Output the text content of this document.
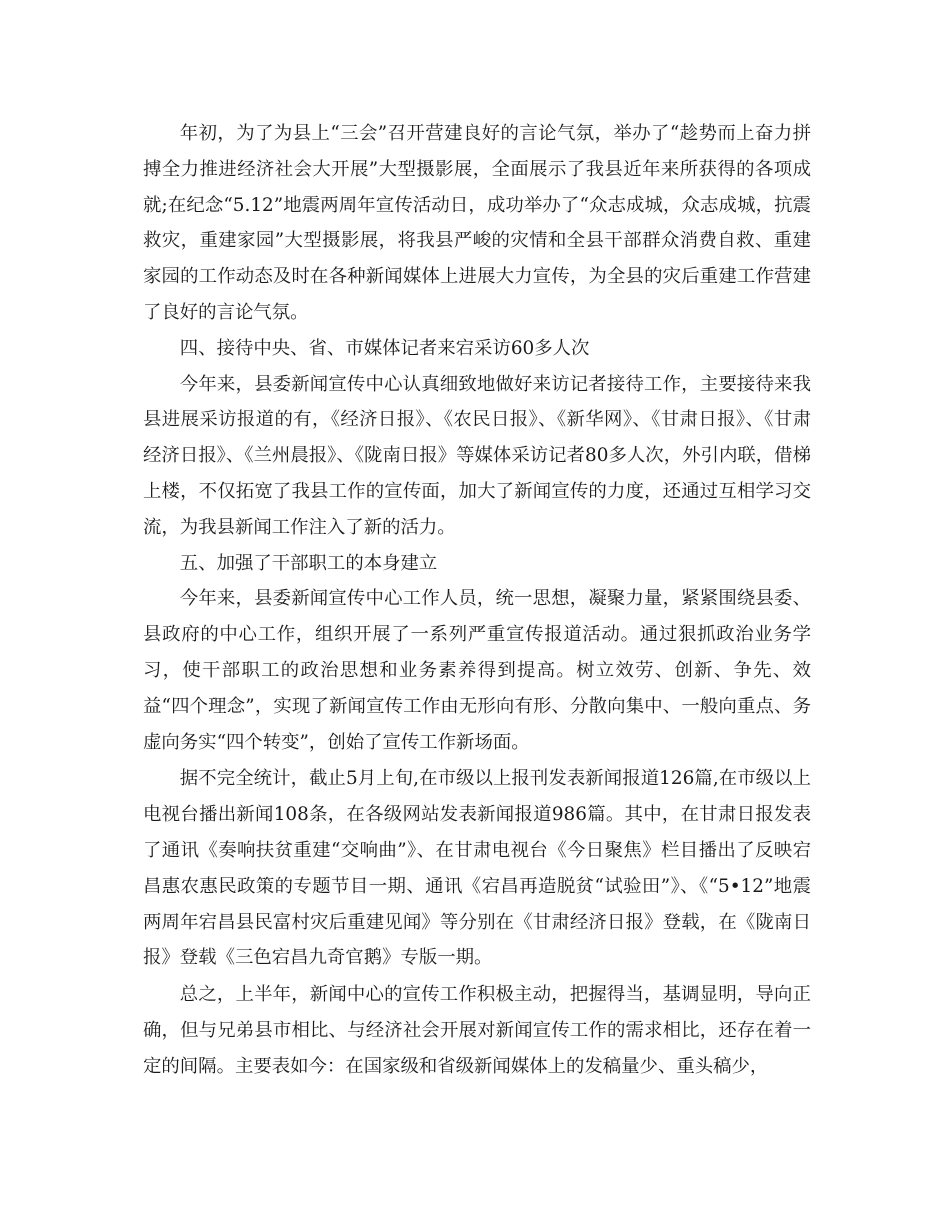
年初，为了为县上“三会”召开营建良好的言论气氛，举办了“趁势而上奋力拼搏全力推进经济社会大开展”大型摄影展，全面展示了我县近年来所获得的各项成就;在纪念“5.12”地震两周年宣传活动日，成功举办了“众志成城，众志成城，抗震救灾，重建家园”大型摄影展，将我县严峻的灾情和全县干部群众消费自救、重建家园的工作动态及时在各种新闻媒体上进展大力宣传，为全县的灾后重建工作营建了良好的言论气氛。

四、接待中央、省、市媒体记者来宕采访60多人次

今年来，县委新闻宣传中心认真细致地做好来访记者接待工作，主要接待来我县进展采访报道的有，《经济日报》、《农民日报》、《新华网》、《甘肃日报》、《甘肃经济日报》、《兰州晨报》、《陇南日报》等媒体采访记者80多人次，外引内联，借梯上楼，不仅拓宽了我县工作的宣传面，加大了新闻宣传的力度，还通过互相学习交流，为我县新闻工作注入了新的活力。

五、加强了干部职工的本身建立

今年来，县委新闻宣传中心工作人员，统一思想，凝聚力量，紧紧围绕县委、县政府的中心工作，组织开展了一系列严重宣传报道活动。通过狠抓政治业务学习，使干部职工的政治思想和业务素养得到提高。树立效劳、创新、争先、效益“四个理念”，实现了新闻宣传工作由无形向有形、分散向集中、一般向重点、务虚向务实“四个转变”，创始了宣传工作新场面。

据不完全统计，截止5月上旬,在市级以上报刊发表新闻报道126篇,在市级以上电视台播出新闻108条，在各级网站发表新闻报道986篇。其中，在甘肃日报发表了通讯《奏响扶贫重建“交响曲”》、在甘肃电视台《今日聚焦》栏目播出了反映宕昌惠农惠民政策的专题节目一期、通讯《宕昌再造脱贫“试验田”》、《“5•12”地震两周年宕昌县民富村灾后重建见闻》等分别在《甘肃经济日报》登载，在《陇南日报》登载《三色宕昌九奇官鹅》专版一期。

总之，上半年，新闻中心的宣传工作积极主动，把握得当，基调显明，导向正确，但与兄弟县市相比、与经济社会开展对新闻宣传工作的需求相比，还存在着一定的间隔。主要表如今：在国家级和省级新闻媒体上的发稿量少、重头稿少，
